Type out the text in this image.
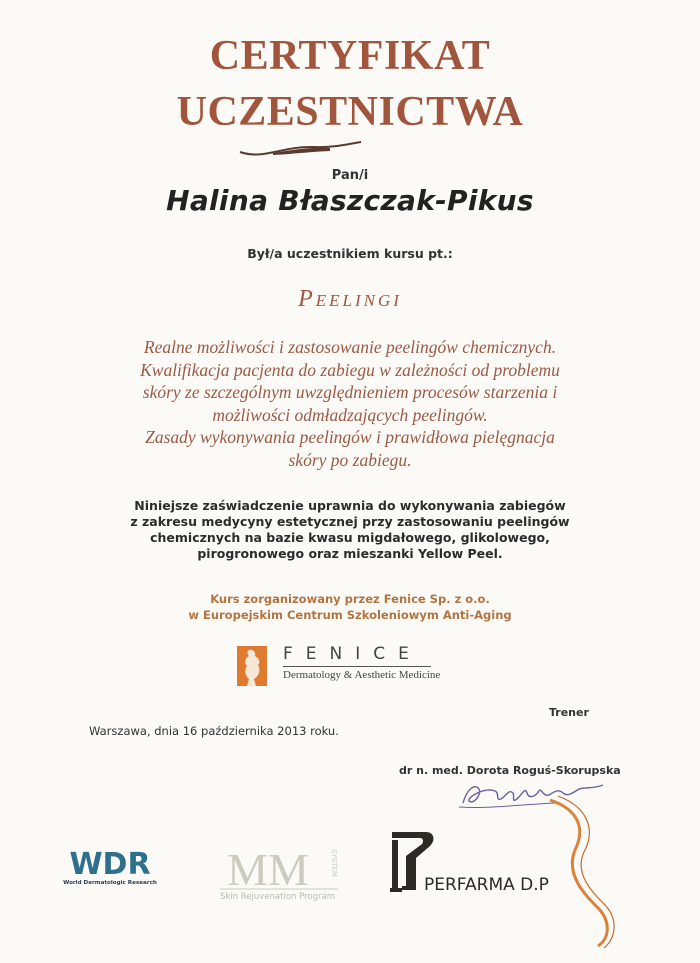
CERTYFIKAT
UCZESTNICTWA
Pan/i
Halina Błaszczak-Pikus
Był/a uczestnikiem kursu pt.:
Peelingi
Realne możliwości i zastosowanie peelingów chemicznych.
Kwalifikacja pacjenta do zabiegu w zależności od problemu
skóry ze szczególnym uwzględnieniem procesów starzenia i
możliwości odmładzających peelingów.
Zasady wykonywania peelingów i prawidłowa pielęgnacja
skóry po zabiegu.
Niniejsze zaświadczenie uprawnia do wykonywania zabiegów
z zakresu medycyny estetycznej przy zastosowaniu peelingów
chemicznych na bazie kwasu migdałowego, glikolowego,
pirogronowego oraz mieszanki Yellow Peel.
Kurs zorganizowany przez Fenice Sp. z o.o.
w Europejskim Centrum Szkoleniowym Anti-Aging
FENICE
Dermatology & Aesthetic Medicine
Trener
Warszawa, dnia 16 października 2013 roku.
dr n. med. Dorota Roguś-Skorupska
WDR
World Dermatologic Research MM	SYSTEM
Skin Rejuvenation Program
PERFARMA D.P
